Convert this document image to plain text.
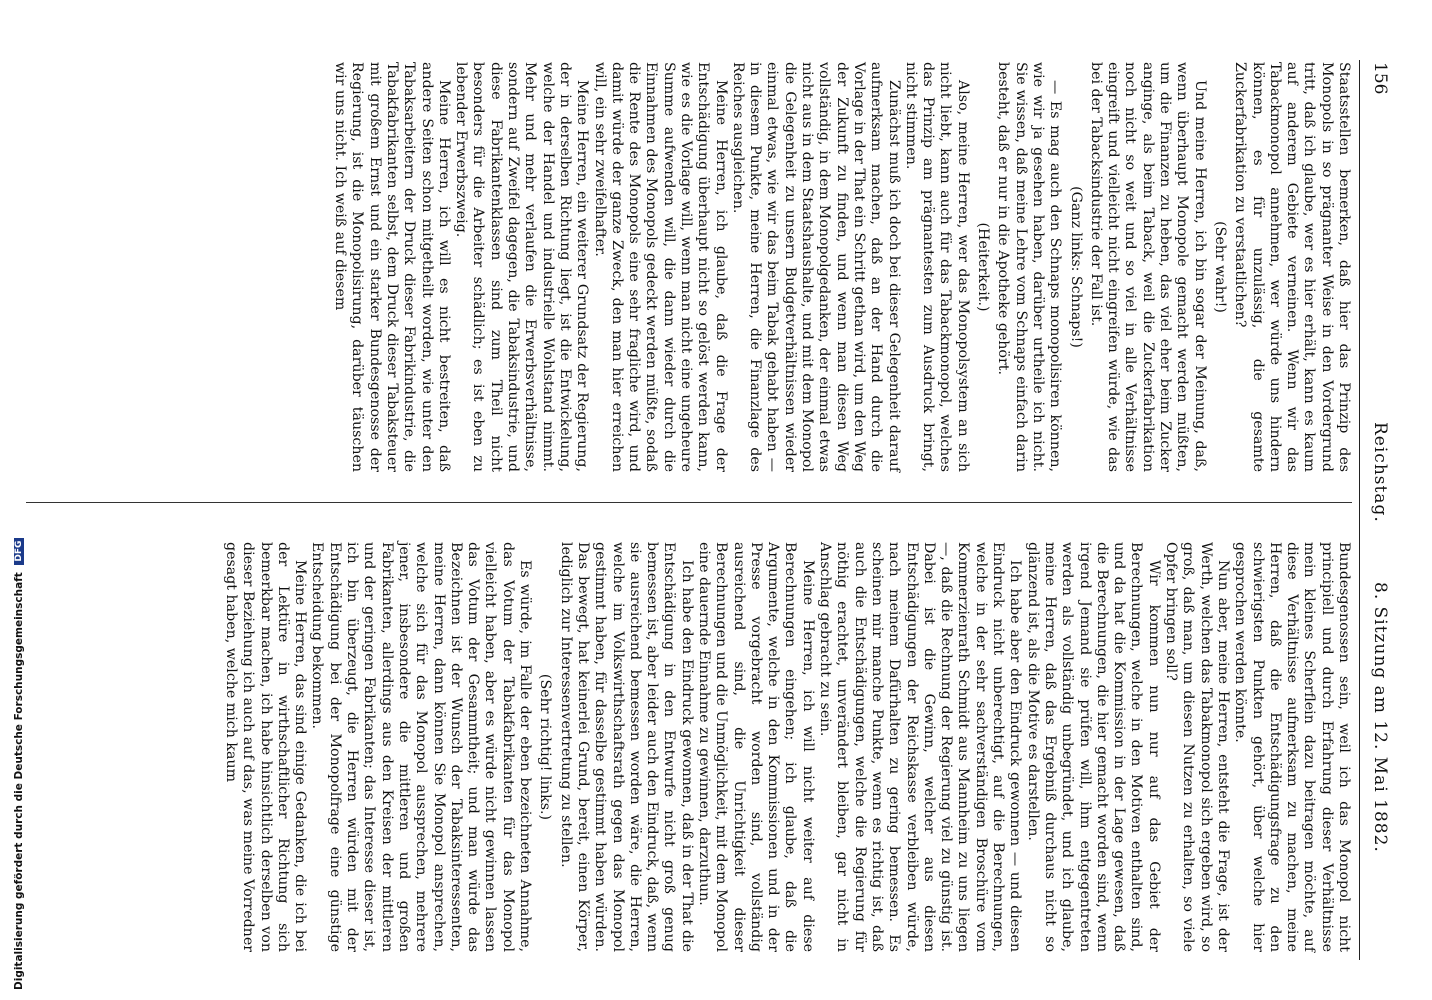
156
Reichstag.
8. Sitzung am 12. Mai 1882.

Staatsstellen bemerken, daß hier das Prinzip des Monopols in so prägnanter Weise in den Vordergrund tritt, daß ich glaube, wer es hier erhält, kann es kaum auf anderem Gebiete verneinen. Wenn wir das Tabackmonopol annehmen, wer würde uns hindern können, es für unzulässig, die gesamte Zuckerfabrikation zu verstaatlichen?

(Sehr wahr!)

Und meine Herren, ich bin sogar der Meinung, daß, wenn überhaupt Monopole gemacht werden müßten, um die Finanzen zu heben, das viel eher beim Zucker anginge, als beim Taback, weil die Zuckerfabrikation noch nicht so weit und so viel in alle Verhältnisse eingreift und vielleicht nicht eingreifen würde, wie das bei der Tabacksindustrie der Fall ist.

(Ganz links: Schnaps!)

— Es mag auch den Schnaps monopolisiren können, wie wir ja gesehen haben, darüber urtheile ich nicht. Sie wissen, daß meine Lehre vom Schnaps einfach darin besteht, daß er nur in die Apotheke gehört.

(Heiterkeit.)

Also, meine Herren, wer das Monopolsystem an sich nicht liebt, kann auch für das Tabackmonopol, welches das Prinzip am prägnantesten zum Ausdruck bringt, nicht stimmen.

Zunächst muß ich doch bei dieser Gelegenheit darauf aufmerksam machen, daß an der Hand durch die Vorlage in der That ein Schritt gethan wird, um den Weg der Zukunft zu finden, und wenn man diesen Weg vollständig, in dem Monopolgedanken, der einmal etwas nicht aus in dem Staatshaushalte, und mit dem Monopol die Gelegenheit zu unsern Budgetverhältnissen wieder einmal etwas, wie wir das beim Tabak gehabt haben — in diesem Punkte, meine Herren, die Finanzlage des Reiches ausgleichen.

Meine Herren, ich glaube, daß die Frage der Entschädigung überhaupt nicht so gelöst werden kann, wie es die Vorlage will, wenn man nicht eine ungeheure Summe aufwenden will, die dann wieder durch die Einnahmen des Monopols gedeckt werden müßte, sodaß die Rente des Monopols eine sehr fragliche wird, und damit würde der ganze Zweck, den man hier erreichen will, ein sehr zweifelhafter.

Meine Herren, ein weiterer Grundsatz der Regierung, der in derselben Richtung liegt, ist die Entwickelung, welche der Handel und industrielle Wohlstand nimmt. Mehr und mehr verlaufen die Erwerbsverhältnisse, sondern auf Zweifel dagegen, die Tabaksindustrie, und diese Fabrikantenklassen sind zum Theil nicht besonders für die Arbeiter schädlich; es ist eben zu lebender Erwerbszweig.

Meine Herren, ich will es nicht bestreiten, daß andere Seiten schon mitgetheilt worden, wie unter den Tabaksarbeitern der Druck dieser Fabrikindustrie, die Tabakfabrikanten selbst, dem Druck dieser Tabaksteuer mit großem Ernst und ein starker Bundesgenosse der Regierung, ist die Monopolisirung, darüber täuschen wir uns nicht. Ich weiß auf diesem

Bundesgenossen sein, weil ich das Monopol nicht principiell und durch Erfahrung dieser Verhältnisse mein kleines Scherflein dazu beitragen möchte, auf diese Verhältnisse aufmerksam zu machen, meine Herren, daß die Entschädigungsfrage zu den schwierigsten Punkten gehört, über welche hier gesprochen werden könnte.

Nun aber, meine Herren, entsteht die Frage, ist der Werth, welchen das Tabakmonopol sich ergeben wird, so groß, daß man, um diesen Nutzen zu erhalten, so viele Opfer bringen soll?

Wir kommen nun nur auf das Gebiet der Berechnungen, welche in den Motiven enthalten sind, und da hat die Kommission in der Lage gewesen, daß die Berechnungen, die hier gemacht worden sind, wenn irgend Jemand sie prüfen will, ihm entgegentreten werden als vollständig unbegründet, und ich glaube, meine Herren, daß das Ergebniß durchaus nicht so glänzend ist, als die Motive es darstellen.

Ich habe aber den Eindruck gewonnen — und diesen Eindruck nicht unberechtigt, auf die Berechnungen, welche in der sehr sachverständigen Broschüre vom Kommerzienrath Schmidt aus Mannheim zu uns liegen —, daß die Rechnung der Regierung viel zu günstig ist. Dabei ist die Gewinn, welcher aus diesen Entschädigungen der Reichskasse verbleiben würde, nach meinem Dafürhalten zu gering bemessen. Es scheinen mir manche Punkte, wenn es richtig ist, daß auch die Entschädigungen, welche die Regierung für nöthig erachtet, unverändert bleiben, gar nicht in Anschlag gebracht zu sein.

Meine Herren, ich will nicht weiter auf diese Berechnungen eingehen; ich glaube, daß die Argumente, welche in den Kommissionen und in der Presse vorgebracht worden sind, vollständig ausreichend sind, die Unrichtigkeit dieser Berechnungen und die Unmöglichkeit, mit dem Monopol eine dauernde Einnahme zu gewinnen, darzuthun.

Ich habe den Eindruck gewonnen, daß in der That die Entschädigung in den Entwurfe nicht groß genug bemessen ist, aber leider auch den Eindruck, daß, wenn sie ausreichend bemessen worden wäre, die Herren, welche im Volkswirthschaftsrath gegen das Monopol gestimmt haben, für dasselbe gestimmt haben würden. Das bewegt, hat keinerlei Grund, bereit, einen Körper, lediglich zur Interessenvertretung zu stellen.

(Sehr richtig! links.)

Es würde, im Falle der eben bezeichneten Annahme, das Votum der Tabakfabrikanten für das Monopol vielleicht haben, aber es würde nicht gewinnen lassen das Votum der Gesammtheit; und man würde das Bezeichnen ist der Wunsch der Tabaksinteressenten, meine Herren, dann können Sie Monopol ansprechen, welche sich für das Monopol aussprechen, mehrere jener, insbesondere die mittleren und großen Fabrikanten, allerdings aus den Kreisen der mittleren und der geringen Fabrikanten; das Interesse dieser ist, ich bin überzeugt, die Herren würden mit der Entschädigung bei der Monopolfrage eine günstige Entscheidung bekommen.

Meine Herren, das sind einige Gedanken, die ich bei der Lektüre in wirthschaftlicher Richtung sich bemerkbar machen, ich habe hinsichtlich derselben von dieser Beziehung ich auch auf das, was meine Vorredner gesagt haben, welche mich kaum

Digitalisierung gefördert durch die Deutsche Forschungsgemeinschaft DFG
